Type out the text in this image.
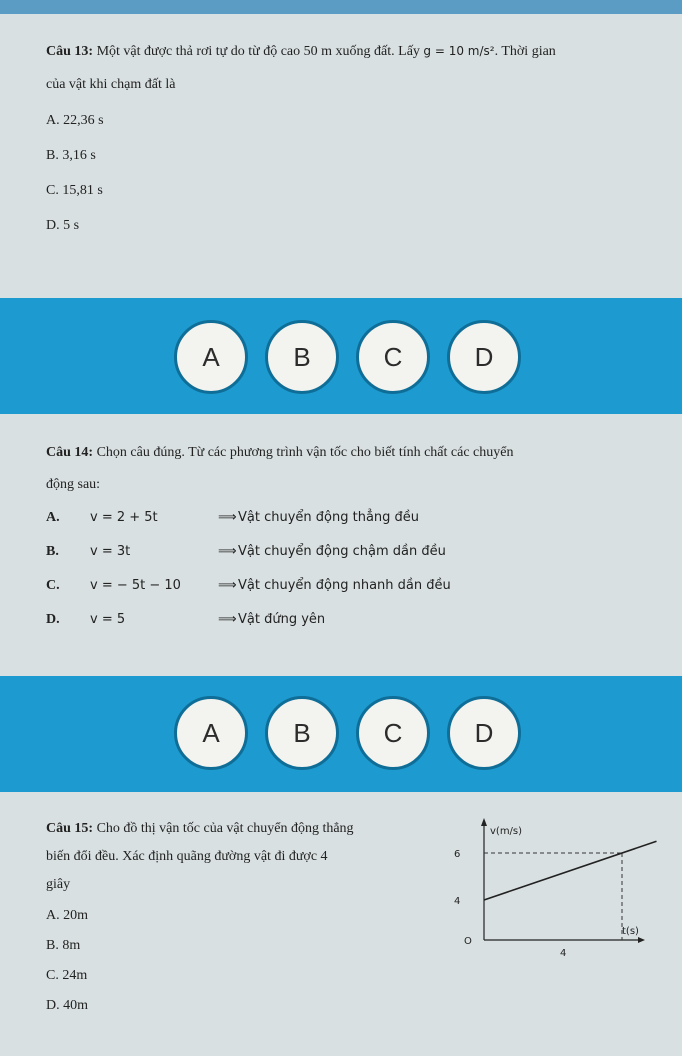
Câu 13: Một vật được thả rơi tự do từ độ cao 50 m xuống đất. Lấy g = 10 m/s². Thời gian
của vật khi chạm đất là
A. 22,36 s
B. 3,16 s
C. 15,81 s
D. 5 s
A	B	C	D
Câu 14: Chọn câu đúng. Từ các phương trình vận tốc cho biết tính chất các chuyển
động sau:
A. v = 2 + 5t	⟹ Vật chuyển động thẳng đều
B. v = 3t	⟹ Vật chuyển động chậm dần đều
C. v = − 5t − 10	⟹ Vật chuyển động nhanh dần đều
D. v = 5	⟹ Vật đứng yên
A	B	C	D
Câu 15: Cho đồ thị vận tốc của vật chuyển động thẳng
biến đổi đều. Xác định quãng đường vật đi được 4
giây
A. 20m
B. 8m
C. 24m
D. 40m
v(m/s)
t(s)
O
6
4
4
